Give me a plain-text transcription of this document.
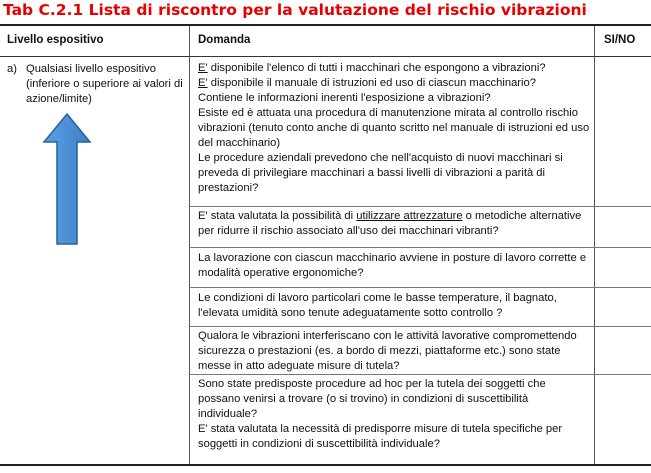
Tab C.2.1 Lista di riscontro per la valutazione del rischio vibrazioni
Livello espositivo	Domanda	SI/NO
a) Qualsiasi livello espositivo (inferiore o superiore ai valori di azione/limite)

E' disponibile l'elenco di tutti i macchinari che espongono a vibrazioni?

E' disponibile il manuale di istruzioni ed uso di ciascun macchinario?

Contiene le informazioni inerenti l'esposizione a vibrazioni?

Esiste ed è attuata una procedura di manutenzione mirata al controllo rischio vibrazioni (tenuto conto anche di quanto scritto nel manuale di istruzioni ed uso del macchinario)

Le procedure aziendali prevedono che nell'acquisto di nuovi macchinari si preveda di privilegiare macchinari a bassi livelli di vibrazioni a parità di prestazioni?

E' stata valutata la possibilità di utilizzare attrezzature o metodiche alternative per ridurre il rischio associato all'uso dei macchinari vibranti?

La lavorazione con ciascun macchinario avviene in posture di lavoro corrette e modalità operative ergonomiche?

Le condizioni di lavoro particolari come le basse temperature, il bagnato, l'elevata umidità sono tenute adeguatamente sotto controllo ?

Qualora le vibrazioni interferiscano con le attività lavorative compromettendo sicurezza o prestazioni (es. a bordo di mezzi, piattaforme etc.) sono state messe in atto adeguate misure di tutela?

Sono state predisposte procedure ad hoc per la tutela dei soggetti che possano venirsi a trovare (o si trovino) in condizioni di suscettibilità individuale?

E' stata valutata la necessità di predisporre misure di tutela specifiche per soggetti in condizioni di suscettibilità individuale?
